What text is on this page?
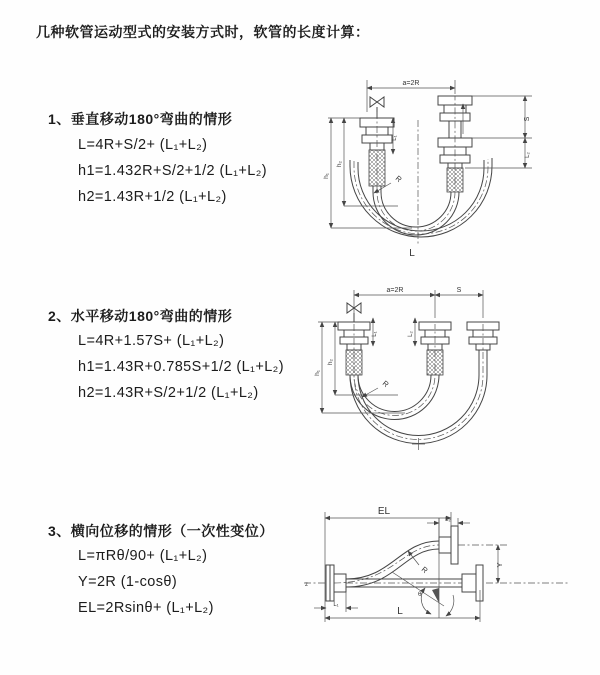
几种软管运动型式的安装方式时，软管的长度计算：
1、垂直移动180°弯曲的情形
L=4R+S/2+ (L₁+L₂)
h1=1.432R+S/2+1/2 (L₁+L₂)
h2=1.43R+1/2 (L₁+L₂)
2、水平移动180°弯曲的情形
L=4R+1.57S+ (L₁+L₂)
h1=1.43R+0.785S+1/2 (L₁+L₂)
h2=1.43R+S/2+1/2 (L₁+L₂)
3、横向位移的情形（一次性变位）
L=πRθ/90+ (L₁+L₂)
Y=2R (1-cosθ)
EL=2Rsinθ+ (L₁+L₂)
a=2R
h₁
h₂
L₁
S
L₂
R
L
a=2R	S
h₁
h₂
L₁	L₂
R
z
EL
L₂
L₁
Y
θ
R
L
